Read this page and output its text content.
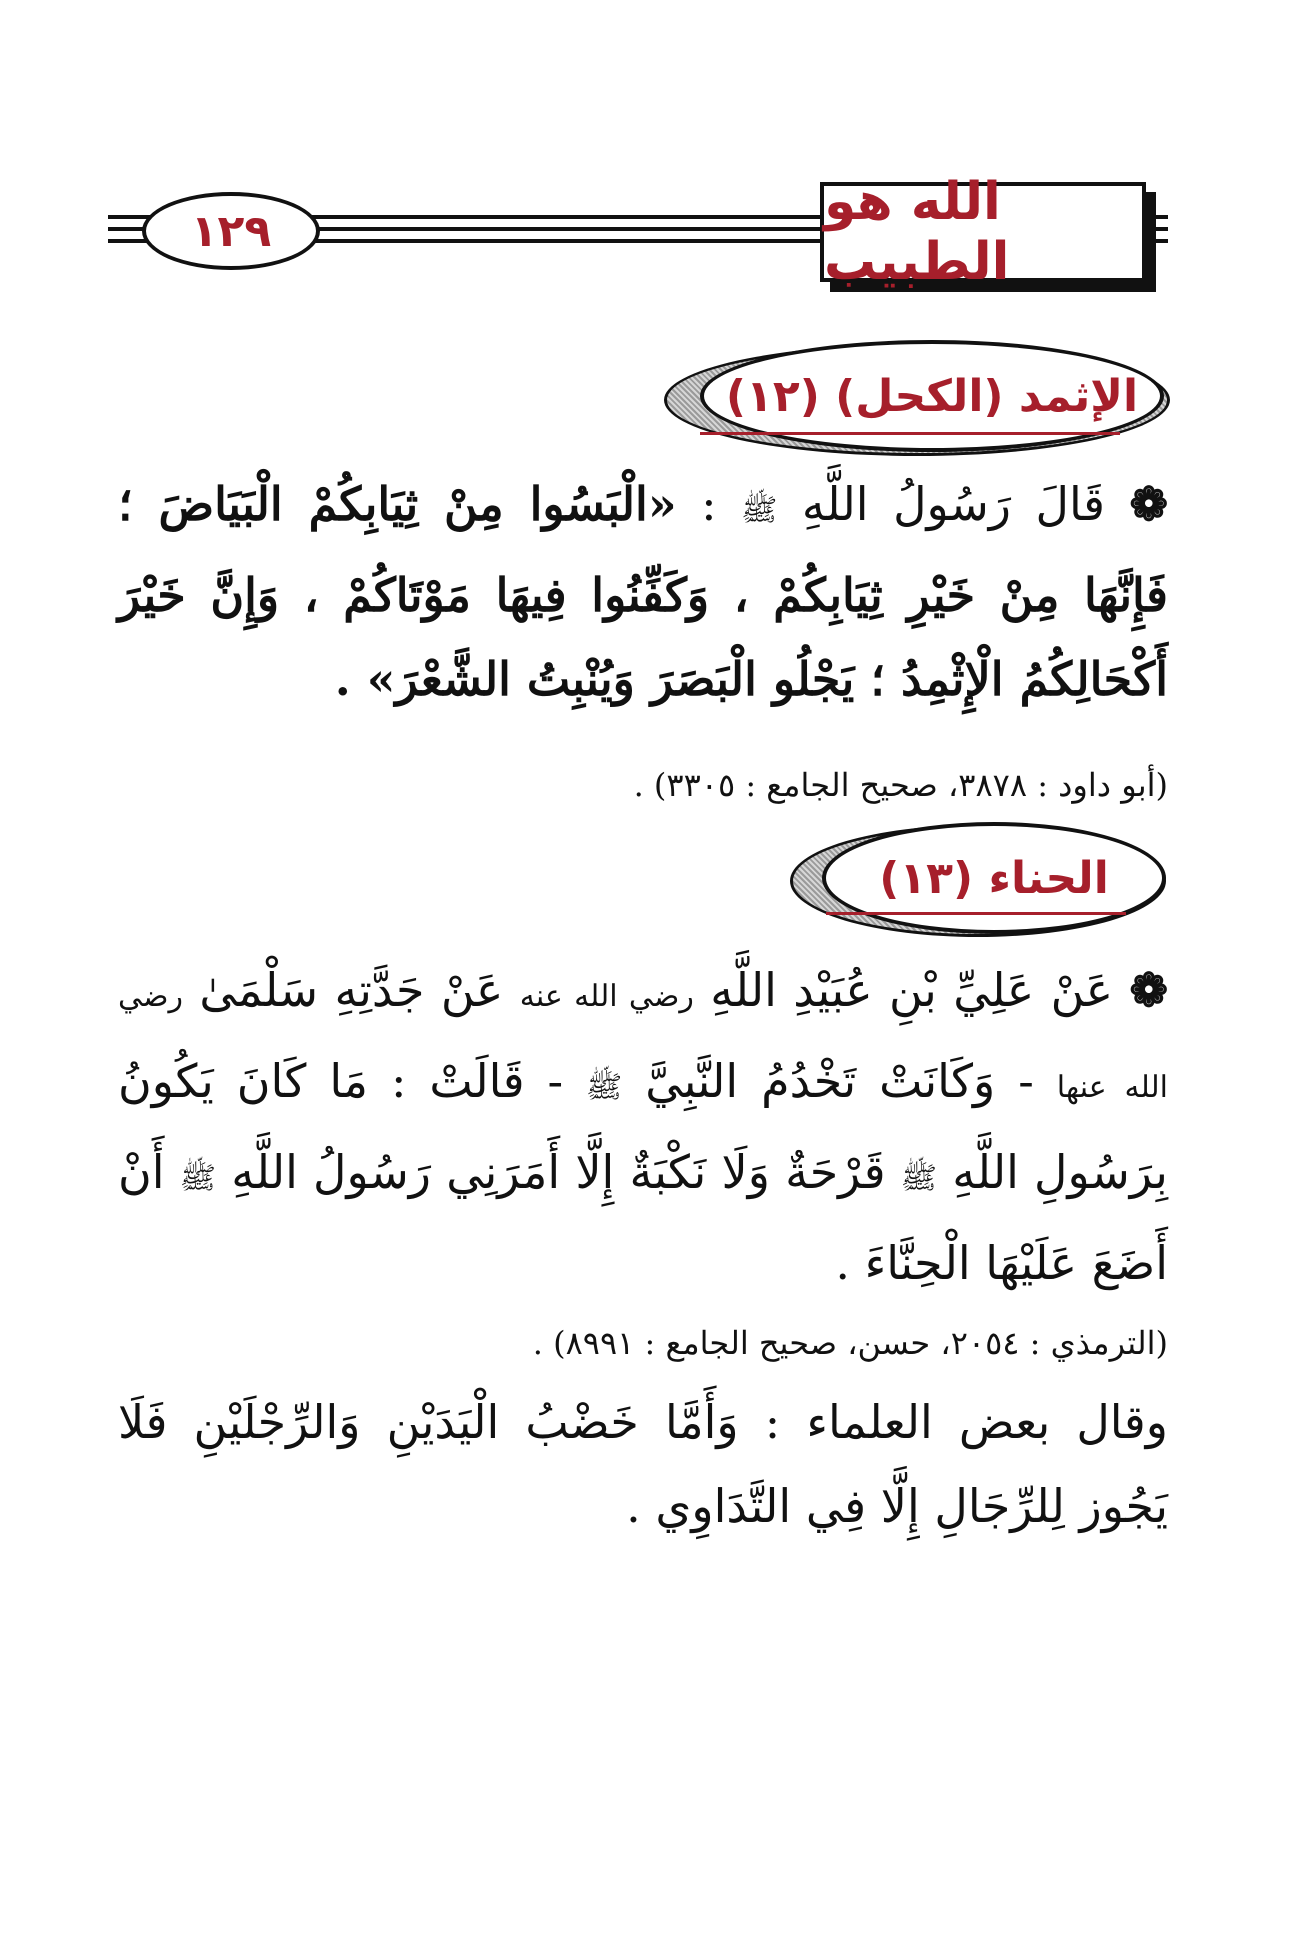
١٢٩	الله هو الطبيب
(١٢) الإثمد (الكحل)
❁ قَالَ رَسُولُ اللَّهِ ﷺ : «الْبَسُوا مِنْ ثِيَابِكُمْ الْبَيَاضَ ؛ فَإِنَّهَا مِنْ خَيْرِ ثِيَابِكُمْ ، وَكَفِّنُوا فِيهَا مَوْتَاكُمْ ، وَإِنَّ خَيْرَ أَكْحَالِكُمُ الْإِثْمِدُ ؛ يَجْلُو الْبَصَرَ وَيُنْبِتُ الشَّعْرَ» .
(أبو داود : ٣٨٧٨، صحيح الجامع : ٣٣٠٥) .
(١٣) الحناء
❁ عَنْ عَلِيِّ بْنِ عُبَيْدِ اللَّهِ رضي الله عنه عَنْ جَدَّتِهِ سَلْمَىٰ رضي الله عنها - وَكَانَتْ تَخْدُمُ النَّبِيَّ ﷺ - قَالَتْ : مَا كَانَ يَكُونُ بِرَسُولِ اللَّهِ ﷺ قَرْحَةٌ وَلَا نَكْبَةٌ إِلَّا أَمَرَنِي رَسُولُ اللَّهِ ﷺ أَنْ أَضَعَ عَلَيْهَا الْحِنَّاءَ .
(الترمذي : ٢٠٥٤، حسن، صحيح الجامع : ٨٩٩١) .
وقال بعض العلماء : وَأَمَّا خَضْبُ الْيَدَيْنِ وَالرِّجْلَيْنِ فَلَا يَجُوز لِلرِّجَالِ إِلَّا فِي التَّدَاوِي .
